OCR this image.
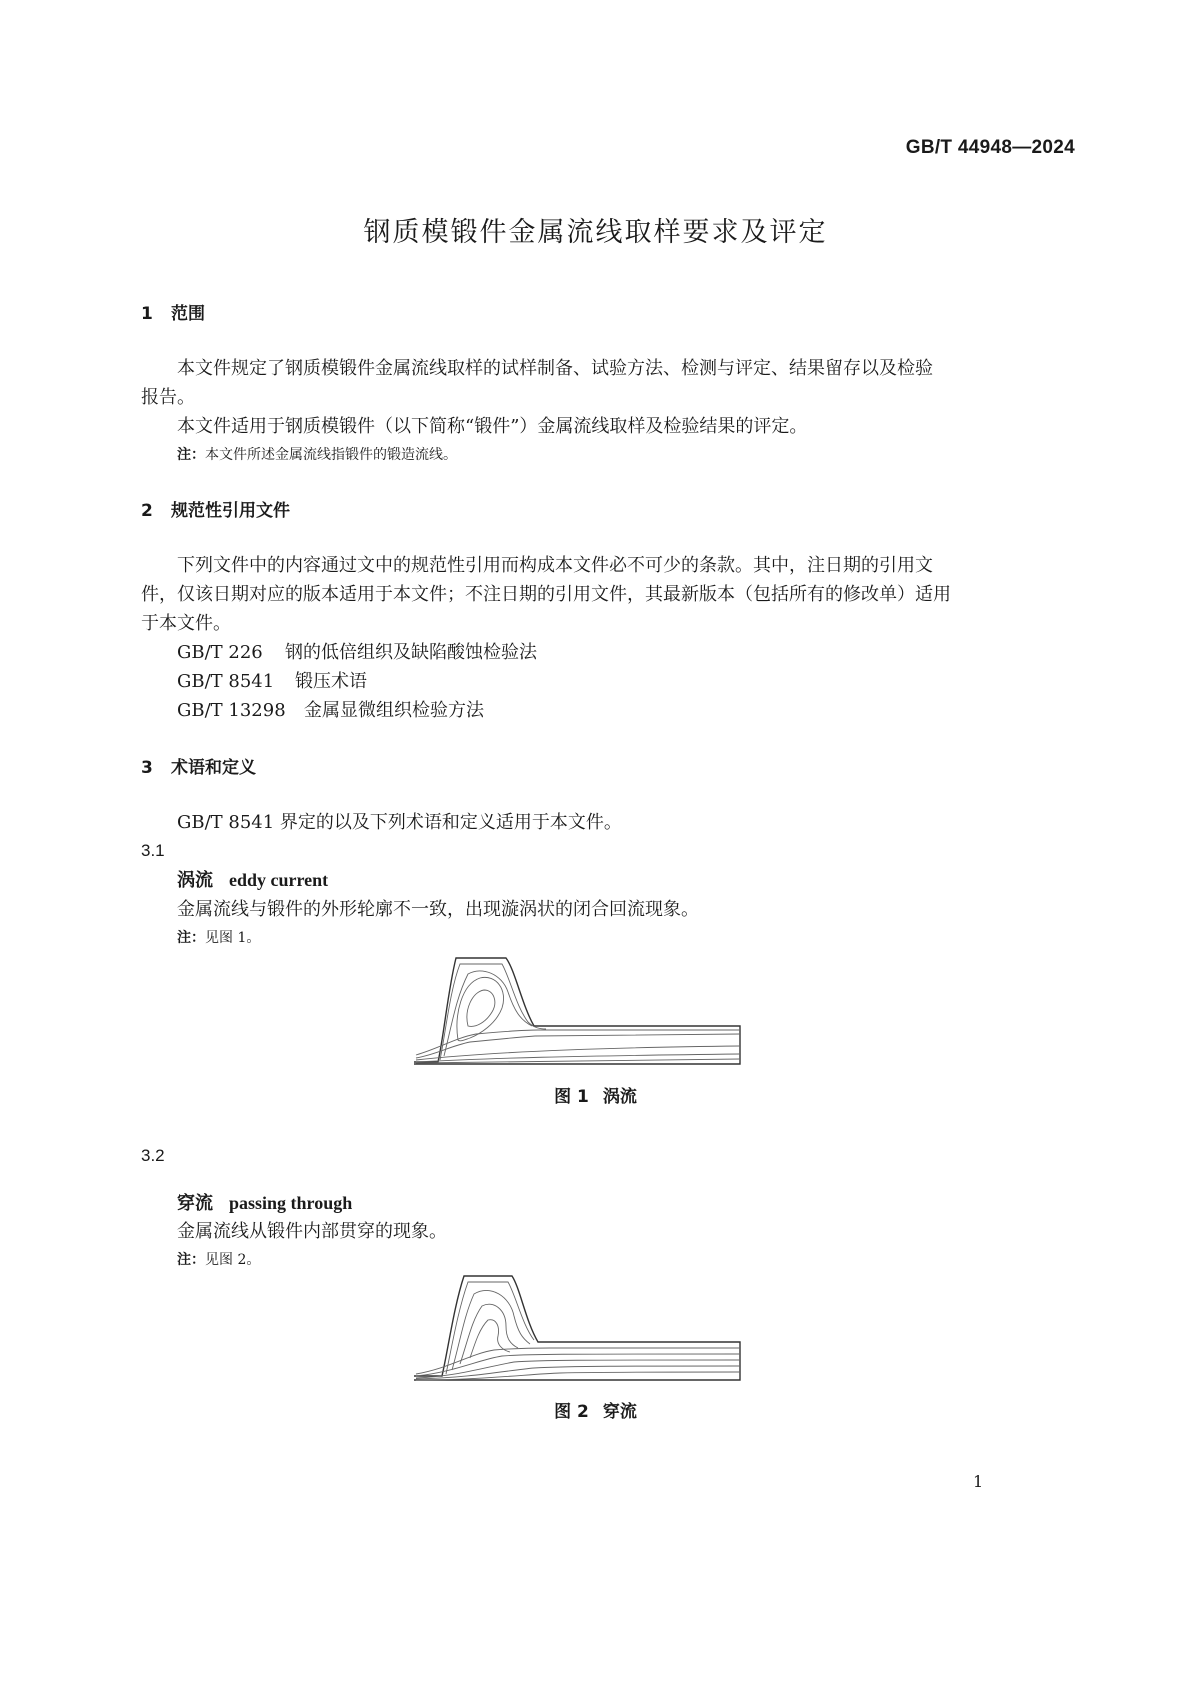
GB/T 44948—2024
钢质模锻件金属流线取样要求及评定
1 范围
本文件规定了钢质模锻件金属流线取样的试样制备、试验方法、检测与评定、结果留存以及检验
报告。
本文件适用于钢质模锻件（以下简称“锻件”）金属流线取样及检验结果的评定。
注：本文件所述金属流线指锻件的锻造流线。
2 规范性引用文件
下列文件中的内容通过文中的规范性引用而构成本文件必不可少的条款。其中，注日期的引用文
件，仅该日期对应的版本适用于本文件；不注日期的引用文件，其最新版本（包括所有的修改单）适用
于本文件。
GB/T 226 钢的低倍组织及缺陷酸蚀检验法
GB/T 8541 锻压术语
GB/T 13298 金属显微组织检验方法
3 术语和定义
GB/T 8541 界定的以及下列术语和定义适用于本文件。
3.1
涡流 eddy current
金属流线与锻件的外形轮廓不一致，出现漩涡状的闭合回流现象。
注：见图 1。
图 1 涡流
3.2
穿流 passing through
金属流线从锻件内部贯穿的现象。
注：见图 2。
图 2 穿流
1
